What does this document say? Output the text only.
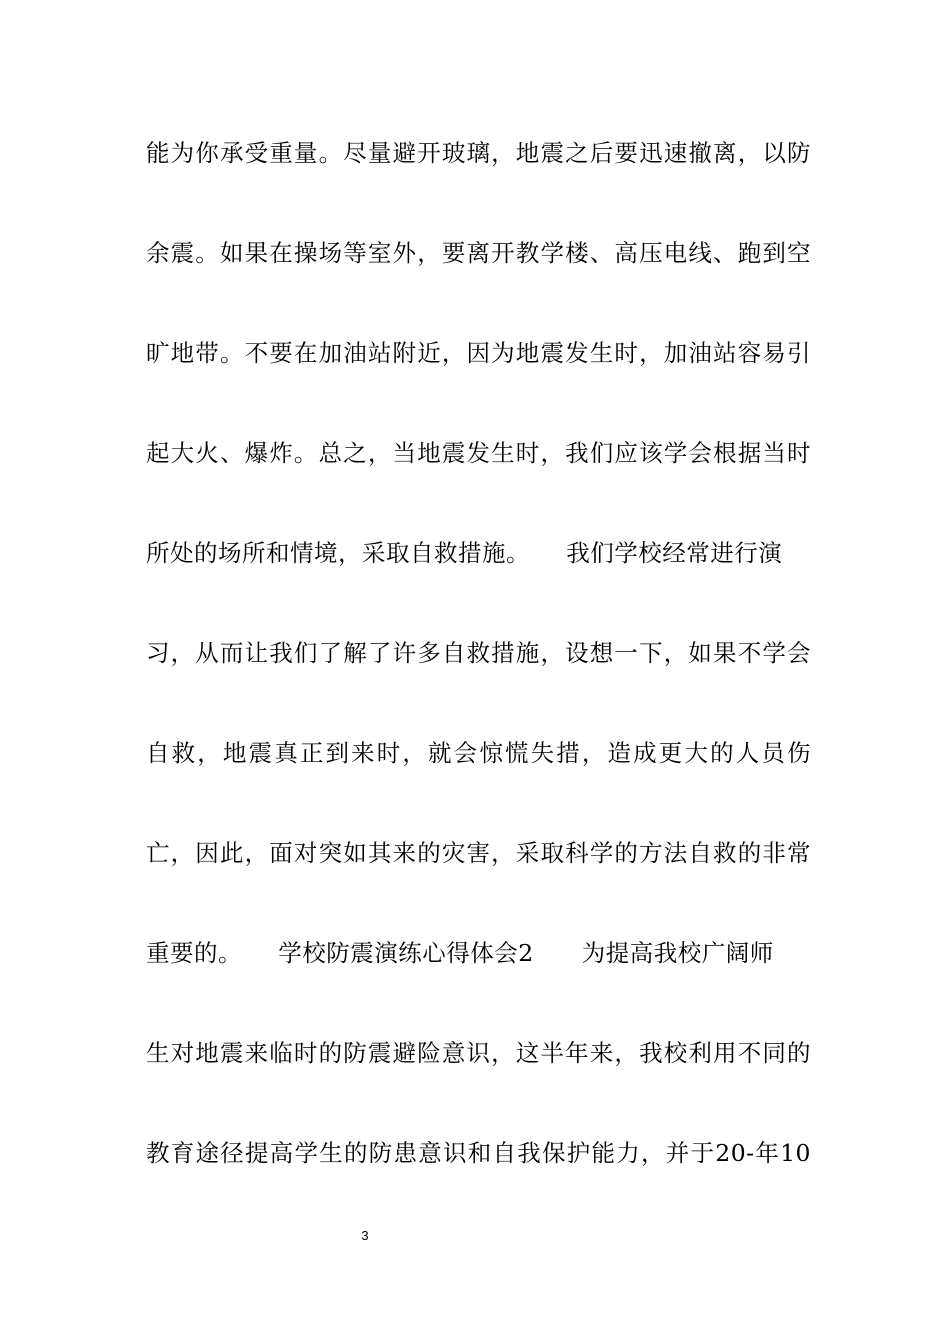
能为你承受重量。尽量避开玻璃，地震之后要迅速撤离，以防
余震。如果在操场等室外，要离开教学楼、高压电线、跑到空
旷地带。不要在加油站附近，因为地震发生时，加油站容易引
起大火、爆炸。总之，当地震发生时，我们应该学会根据当时
所处的场所和情境，采取自救措施。　　我们学校经常进行演
习，从而让我们了解了许多自救措施，设想一下，如果不学会
自救，地震真正到来时，就会惊慌失措，造成更大的人员伤
亡，因此，面对突如其来的灾害，采取科学的方法自救的非常
重要的。　　学校防震演练心得体会2　　为提高我校广阔师
生对地震来临时的防震避险意识，这半年来，我校利用不同的
教育途径提高学生的防患意识和自我保护能力，并于20-年10
3
